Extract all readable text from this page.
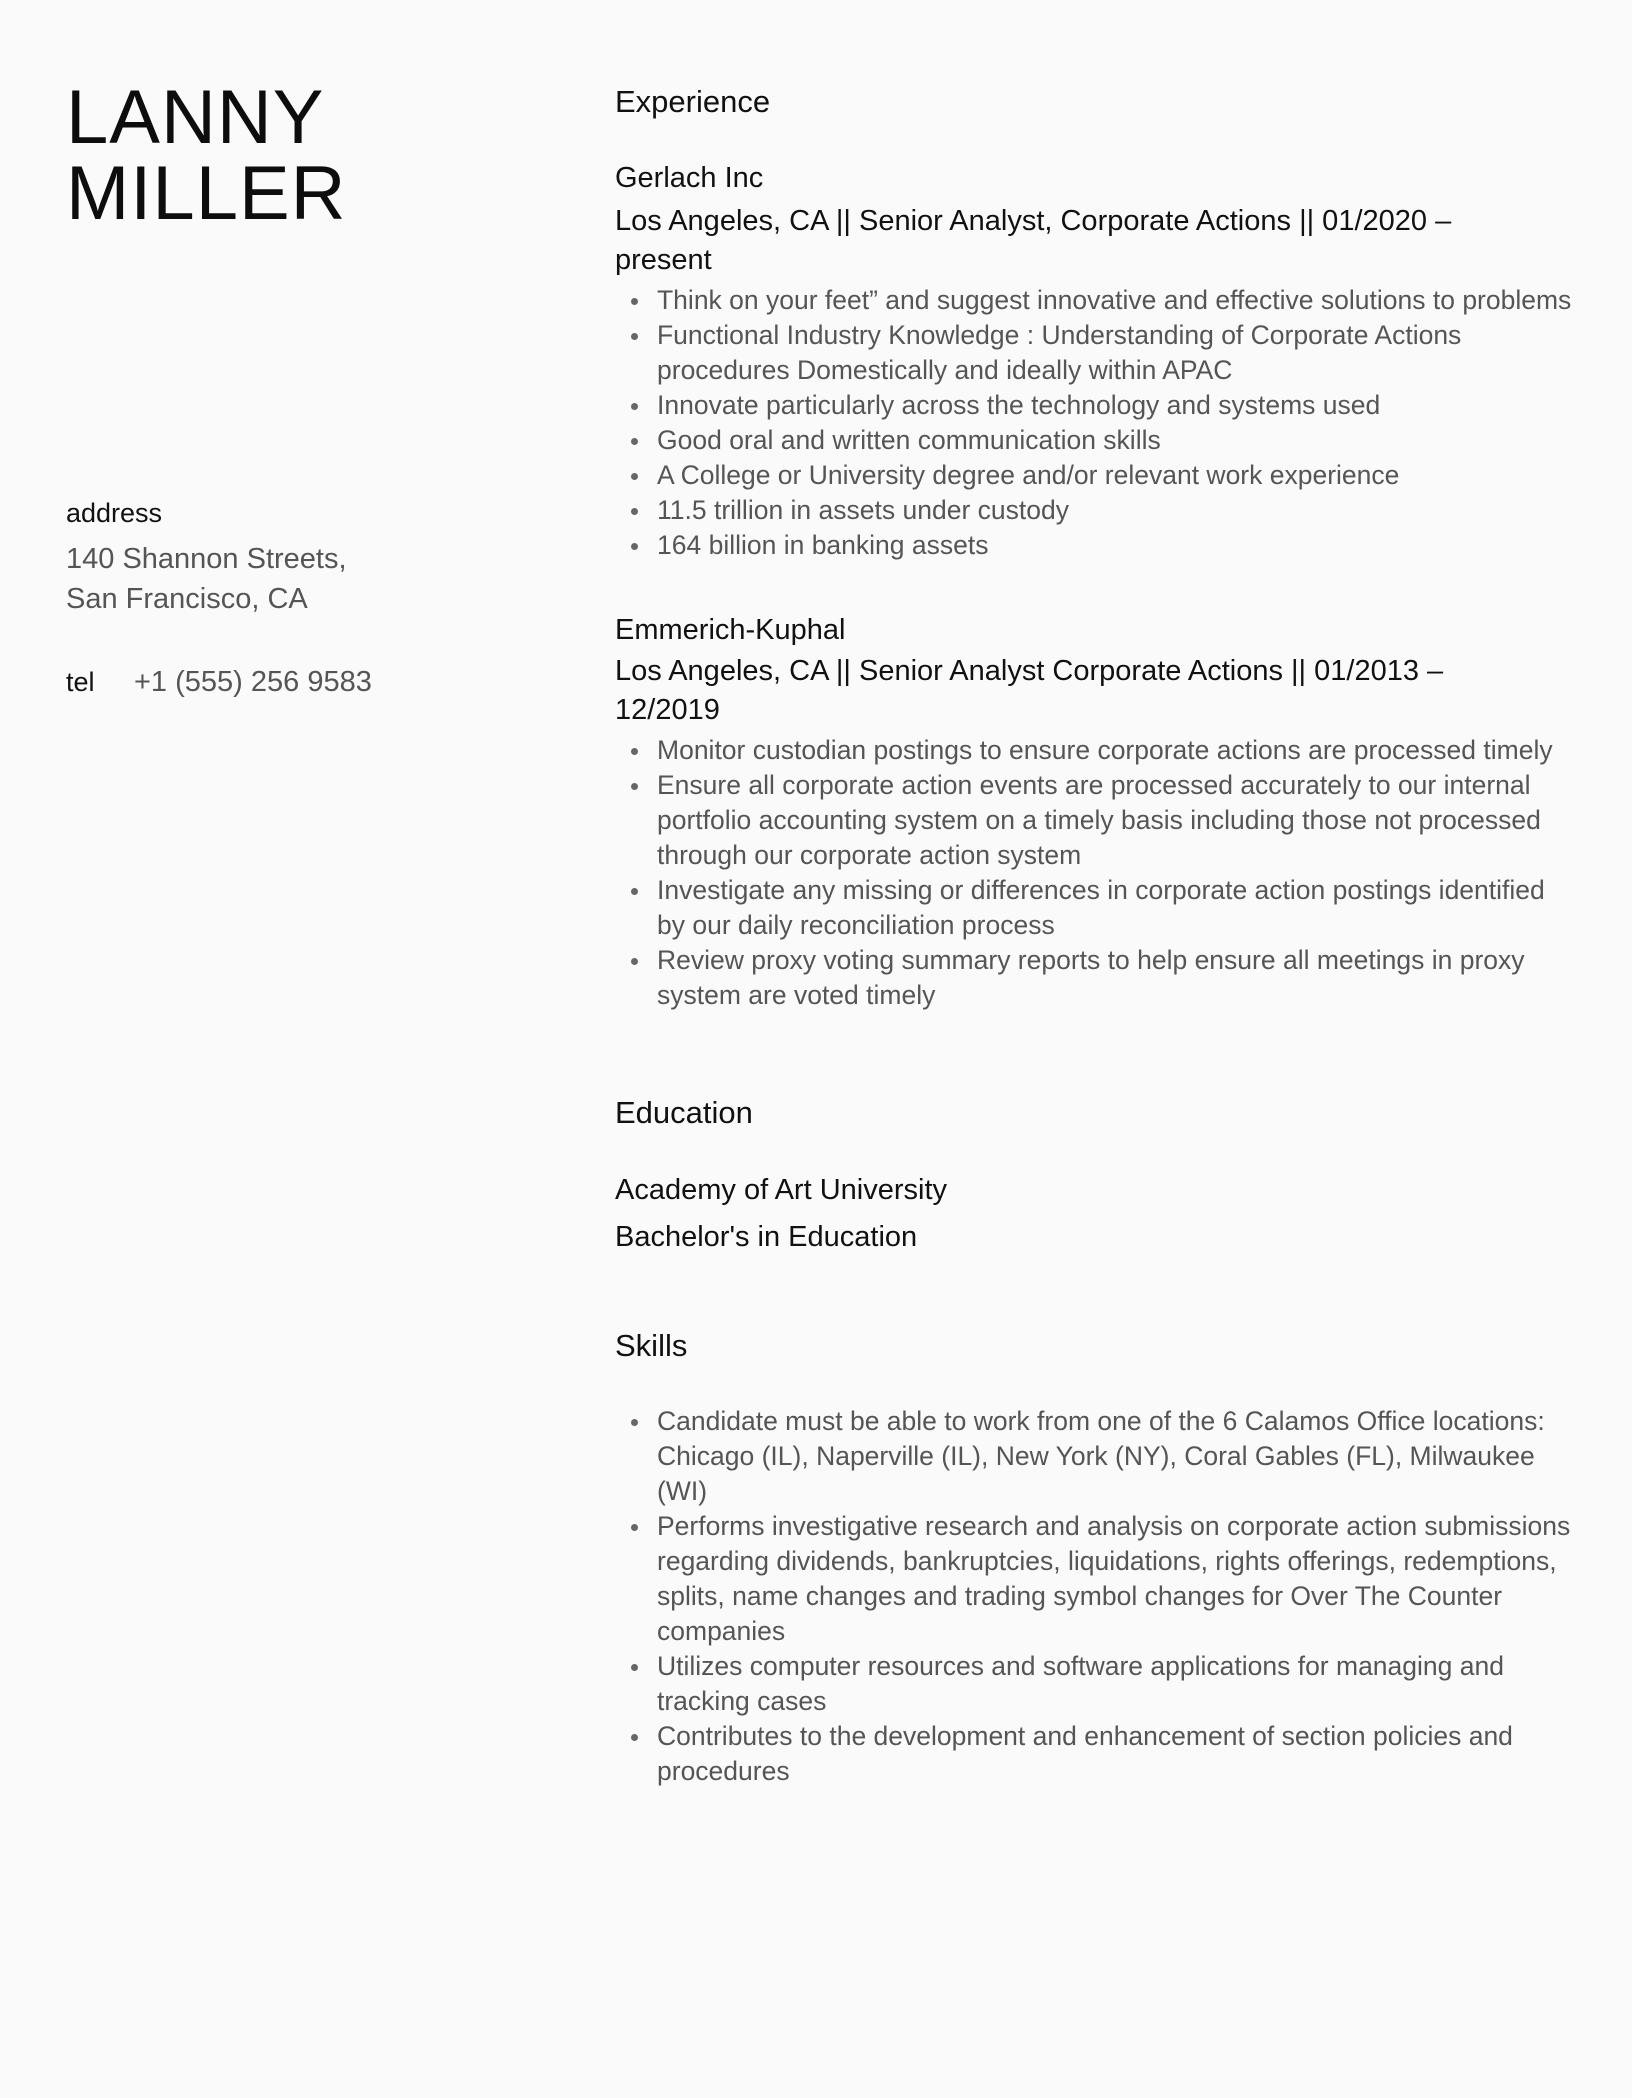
LANNY
MILLER
address
140 Shannon Streets,
San Francisco, CA
tel	+1 (555) 256 9583
Experience
Gerlach Inc
Los Angeles, CA || Senior Analyst, Corporate Actions || 01/2020 – present
Think on your feet” and suggest innovative and effective solutions to problems
Functional Industry Knowledge : Understanding of Corporate Actions procedures Domestically and ideally within APAC
Innovate particularly across the technology and systems used
Good oral and written communication skills
A College or University degree and/or relevant work experience
11.5 trillion in assets under custody
164 billion in banking assets
Emmerich-Kuphal
Los Angeles, CA || Senior Analyst Corporate Actions || 01/2013 – 12/2019
Monitor custodian postings to ensure corporate actions are processed timely
Ensure all corporate action events are processed accurately to our internal portfolio accounting system on a timely basis including those not processed through our corporate action system
Investigate any missing or differences in corporate action postings identified by our daily reconciliation process
Review proxy voting summary reports to help ensure all meetings in proxy system are voted timely
Education
Academy of Art University
Bachelor's in Education
Skills
Candidate must be able to work from one of the 6 Calamos Office locations: Chicago (IL), Naperville (IL), New York (NY), Coral Gables (FL), Milwaukee (WI)
Performs investigative research and analysis on corporate action submissions regarding dividends, bankruptcies, liquidations, rights offerings, redemptions, splits, name changes and trading symbol changes for Over The Counter companies
Utilizes computer resources and software applications for managing and tracking cases
Contributes to the development and enhancement of section policies and procedures
